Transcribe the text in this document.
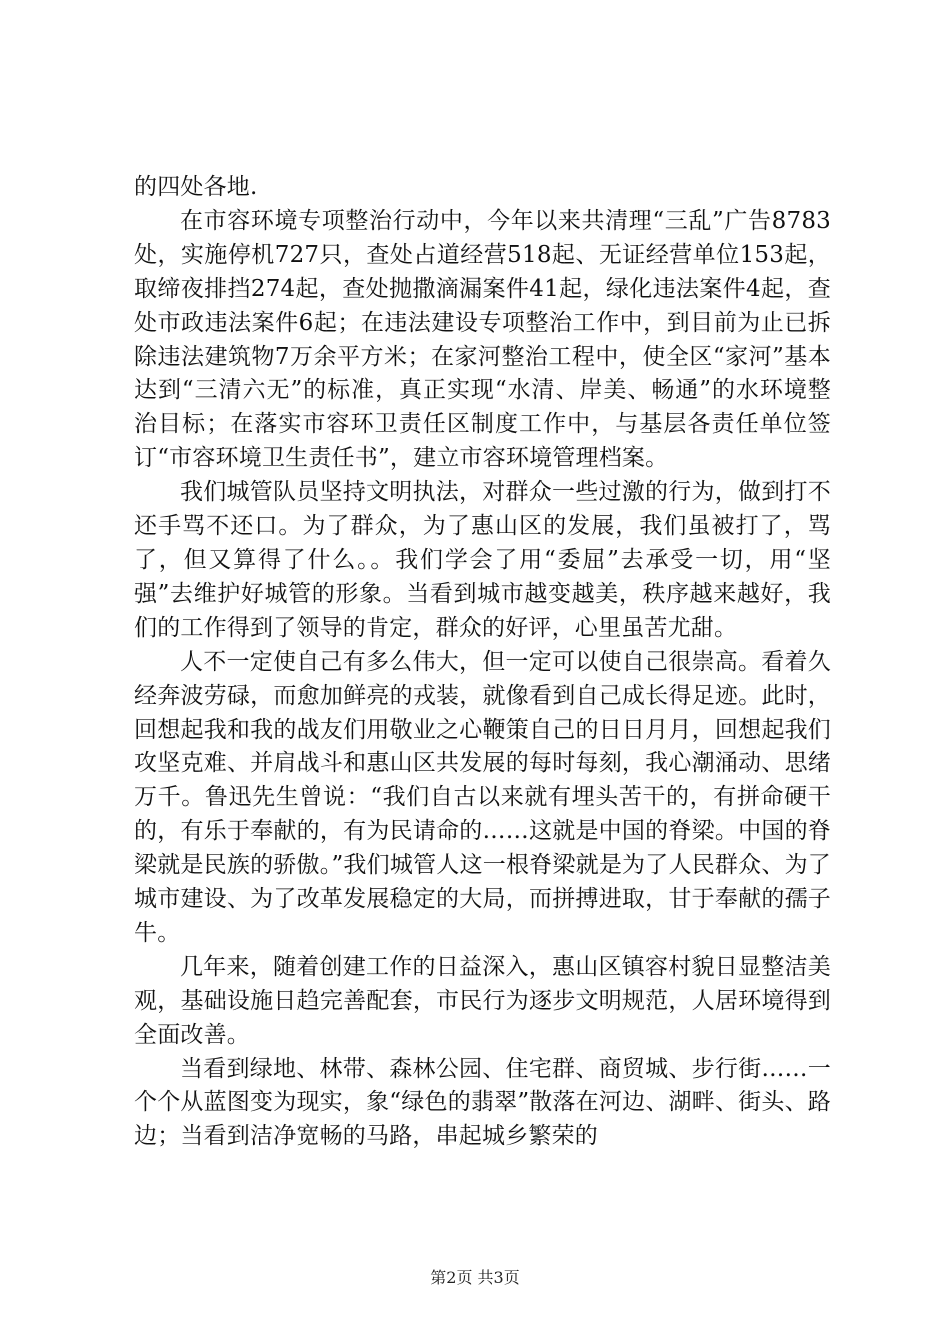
的四处各地.

在市容环境专项整治行动中，今年以来共清理“三乱”广告8783处，实施停机727只，查处占道经营518起、无证经营单位153起，取缔夜排挡274起，查处抛撒滴漏案件41起，绿化违法案件4起，查处市政违法案件6起；在违法建设专项整治工作中，到目前为止已拆除违法建筑物7万余平方米；在家河整治工程中，使全区“家河”基本达到“三清六无”的标准，真正实现“水清、岸美、畅通”的水环境整治目标；在落实市容环卫责任区制度工作中，与基层各责任单位签订“市容环境卫生责任书”，建立市容环境管理档案。

我们城管队员坚持文明执法，对群众一些过激的行为，做到打不还手骂不还口。为了群众，为了惠山区的发展，我们虽被打了，骂了，但又算得了什么。。我们学会了用“委屈”去承受一切，用“坚强”去维护好城管的形象。当看到城市越变越美，秩序越来越好，我们的工作得到了领导的肯定，群众的好评，心里虽苦尤甜。

人不一定使自己有多么伟大，但一定可以使自己很崇高。看着久经奔波劳碌，而愈加鲜亮的戎装，就像看到自己成长得足迹。此时，回想起我和我的战友们用敬业之心鞭策自己的日日月月，回想起我们攻坚克难、并肩战斗和惠山区共发展的每时每刻，我心潮涌动、思绪万千。鲁迅先生曾说：“我们自古以来就有埋头苦干的，有拼命硬干的，有乐于奉献的，有为民请命的……这就是中国的脊梁。中国的脊梁就是民族的骄傲。”我们城管人这一根脊梁就是为了人民群众、为了城市建设、为了改革发展稳定的大局，而拼搏进取，甘于奉献的孺子牛。

几年来，随着创建工作的日益深入，惠山区镇容村貌日显整洁美观，基础设施日趋完善配套，市民行为逐步文明规范，人居环境得到全面改善。

当看到绿地、林带、森林公园、住宅群、商贸城、步行街……一个个从蓝图变为现实，象“绿色的翡翠”散落在河边、湖畔、街头、路边；当看到洁净宽畅的马路，串起城乡繁荣的

第2页 共3页
